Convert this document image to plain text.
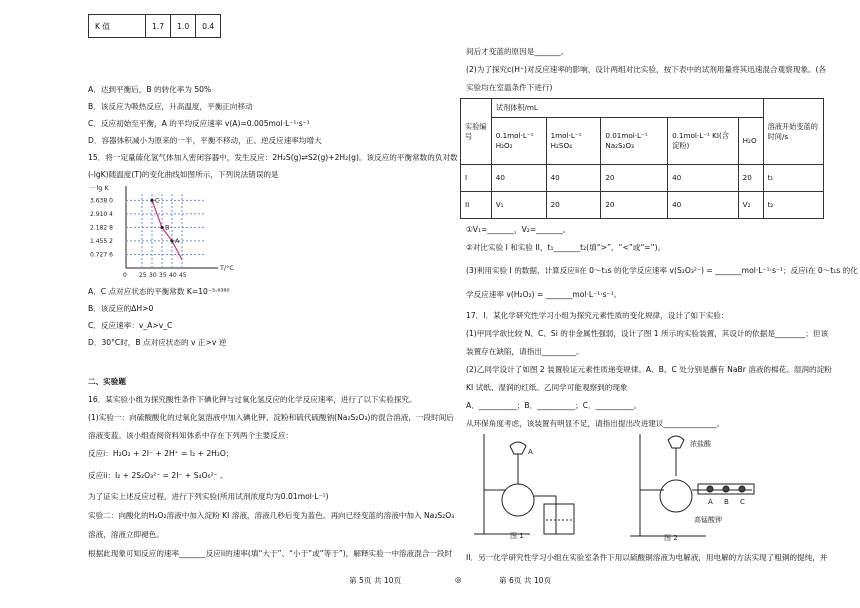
K 值	1.7	1.0	0.4
A．达到平衡后，B 的转化率为 50%
B．该反应为吸热反应，升高温度，平衡正向移动
C．反应初始至平衡，A 的平均反应速率 v(A)=0.005mol·L⁻¹·s⁻¹
D．容器体积减小为原来的一半，平衡不移动，正、逆反应速率均增大
15．将一定量硫化氢气体加入密闭容器中，发生反应：2H₂S(g)⇌S2(g)+2H₂(g)。该反应的平衡常数的负对数
(-lgK)随温度(T)的变化曲线如图所示，下列说法错误的是
－lg K
T/°C
3.638 0
2.910 4
2.182 8
1.455 2
0.727 6
0 25 30 35 40 45
C
B
A
A．C 点对应状态的平衡常数 K=10⁻³·⁶³⁸⁰
B．该反应的ΔH>0
C．反应速率：v_A>v_C
D．30°C时，B 点对应状态的 v 正>v 逆
二、实验题
16．某实验小组为探究酸性条件下碘化钾与过氧化氢反应的化学反应速率，进行了以下实验探究。
(1)实验一：向硫酸酸化的过氧化氢溶液中加入碘化钾、淀粉和硫代硫酸钠(Na₂S₂O₃)的混合溶液，一段时间后
溶液变蓝。该小组查阅资料知体系中存在下列两个主要反应：
反应i：H₂O₂ + 2I⁻ + 2H⁺ = I₂ + 2H₂O；
反应ii：I₂ + 2S₂O₃²⁻ = 2I⁻ + S₄O₆²⁻ 。
为了证实上述反应过程，进行下列实验(所用试剂浓度均为0.01mol·L⁻¹)
实验二：向酸化的H₂O₂溶液中加入淀粉 KI 溶液，溶液几秒后变为蓝色。再向已经变蓝的溶液中加入 Na₂S₂O₃
溶液，溶液立即褪色。
根据此现象可知反应的速率_______反应ii的速率(填“大于”、“小于”或“等于”)，解释实验一中溶液混合一段时
间后才变蓝的原因是_______。
(2)为了探究c(H⁺)对反应速率的影响，设计两组对比实验，按下表中的试剂用量将其迅速混合观察现象。(各
实验均在室温条件下进行)
实验编号	试剂体积/mL					溶液开始变蓝的时间/s
	0.1mol·L⁻¹ H₂O₂	1mol·L⁻¹ H₂SO₄	0.01mol·L⁻¹ Na₂S₂O₃	0.1mol·L⁻¹ KI(含淀粉)	H₂O	
I	40	40	20	40	20	t₁
II	V₁	20	20	40	V₂	t₂
①V₁=_______，V₂=_______。
②对比实验 I 和实验 II，t₁_______t₂(填“>”、“<”或“=”)。
(3)利用实验 I 的数据，计算反应ii在 0～t₁s 的化学反应速率 v(S₂O₃²⁻) = _______mol·L⁻¹·s⁻¹；反应i在 0～t₁s 的化
学反应速率 v(H₂O₂) = _______mol·L⁻¹·s⁻¹。
17．I．某化学研究性学习小组为探究元素性质的变化规律，设计了如下实验：
(1)甲同学欲比较 N、C、Si 的非金属性强弱，设计了图 1 所示的实验装置，其设计的依据是________；但该
装置存在缺陷，请指出_________。
(2)乙同学设计了如图 2 装置验证元素性质递变规律。A、B、C 处分别是蘸有 NaBr 溶液的棉花、湿润的淀粉
KI 试纸、湿润的红纸。乙同学可能观察到的现象
A．__________；B．__________；C．__________。
从环保角度考虑，该装置有明显不足，请指出提出改进建议______________。
A
图 1
浓盐酸
A B C
高锰酸钾
图 2
II．另一化学研究性学习小组在实验室条件下用以硫酸铜溶液为电解液，用电解的方法实现了粗铜的提纯，并
第 5页 共 10页	◎	第 6页 共 10页
